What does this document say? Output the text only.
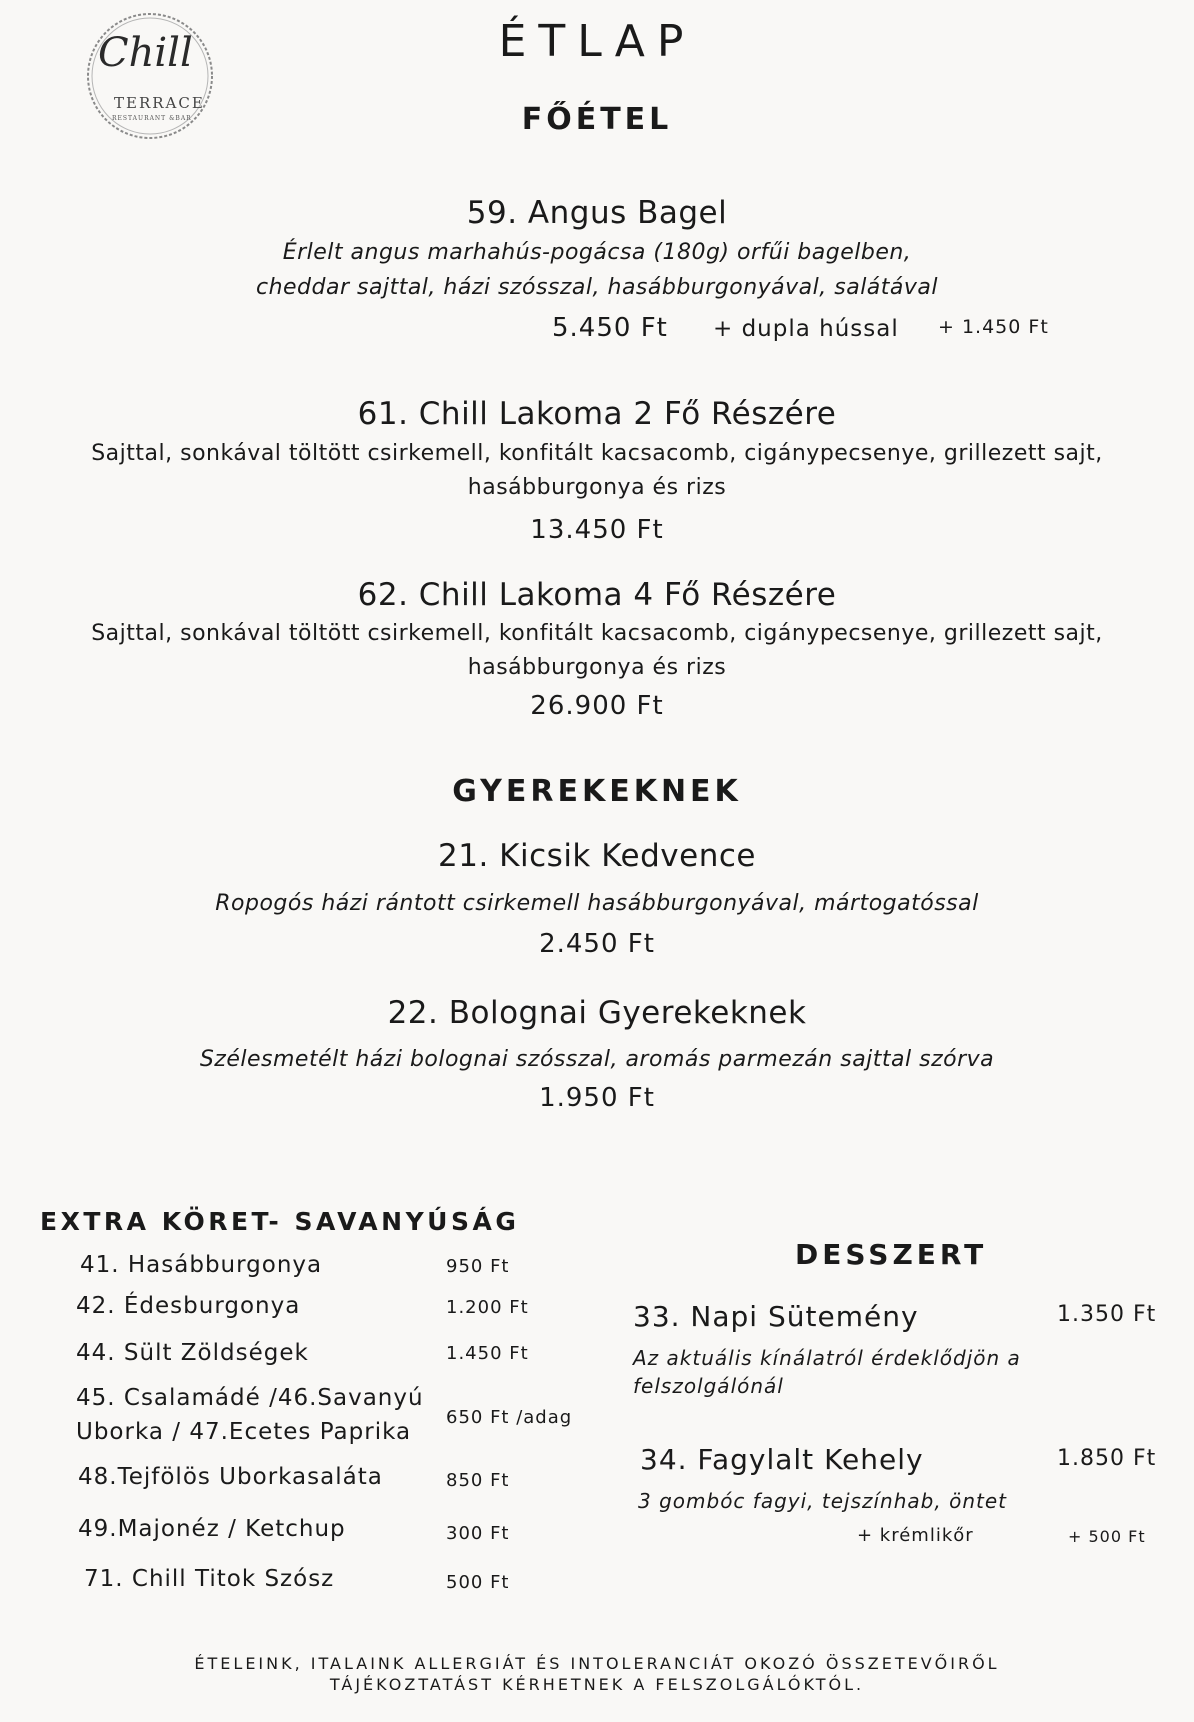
Chill
TERRACE
RESTAURANT &BAR
ÉTLAP
FŐÉTEL
59. Angus Bagel
Érlelt angus marhahús-pogácsa (180g) orfűi bagelben,
cheddar sajttal, házi szósszal, hasábburgonyával, salátával
5.450 Ft + dupla hússal + 1.450 Ft
61. Chill Lakoma 2 Fő Részére
Sajttal, sonkával töltött csirkemell, konfitált kacsacomb, cigánypecsenye, grillezett sajt,
hasábburgonya és rizs
13.450 Ft
62. Chill Lakoma 4 Fő Részére
Sajttal, sonkával töltött csirkemell, konfitált kacsacomb, cigánypecsenye, grillezett sajt,
hasábburgonya és rizs
26.900 Ft
GYEREKEKNEK
21. Kicsik Kedvence
Ropogós házi rántott csirkemell hasábburgonyával, mártogatóssal
2.450 Ft
22. Bolognai Gyerekeknek
Szélesmetélt házi bolognai szósszal, aromás parmezán sajttal szórva
1.950 Ft
EXTRA KÖRET- SAVANYÚSÁG
41. Hasábburgonya	950 Ft
42. Édesburgonya	1.200 Ft
44. Sült Zöldségek	1.450 Ft
45. Csalamádé /46.Savanyú
Uborka / 47.Ecetes Paprika
650 Ft /adag
48.Tejfölös Uborkasaláta	850 Ft
49.Majonéz / Ketchup	300 Ft
71. Chill Titok Szósz	500 Ft
DESSZERT
33. Napi Sütemény	1.350 Ft
Az aktuális kínálatról érdeklődjön a
felszolgálónál
34. Fagylalt Kehely	1.850 Ft
3 gombóc fagyi, tejszínhab, öntet
+ krémlikőr	+ 500 Ft
ÉTELEINK, ITALAINK ALLERGIÁT ÉS INTOLERANCIÁT OKOZÓ ÖSSZETEVŐIRŐL
TÁJÉKOZTATÁST KÉRHETNEK A FELSZOLGÁLÓKTÓL.
